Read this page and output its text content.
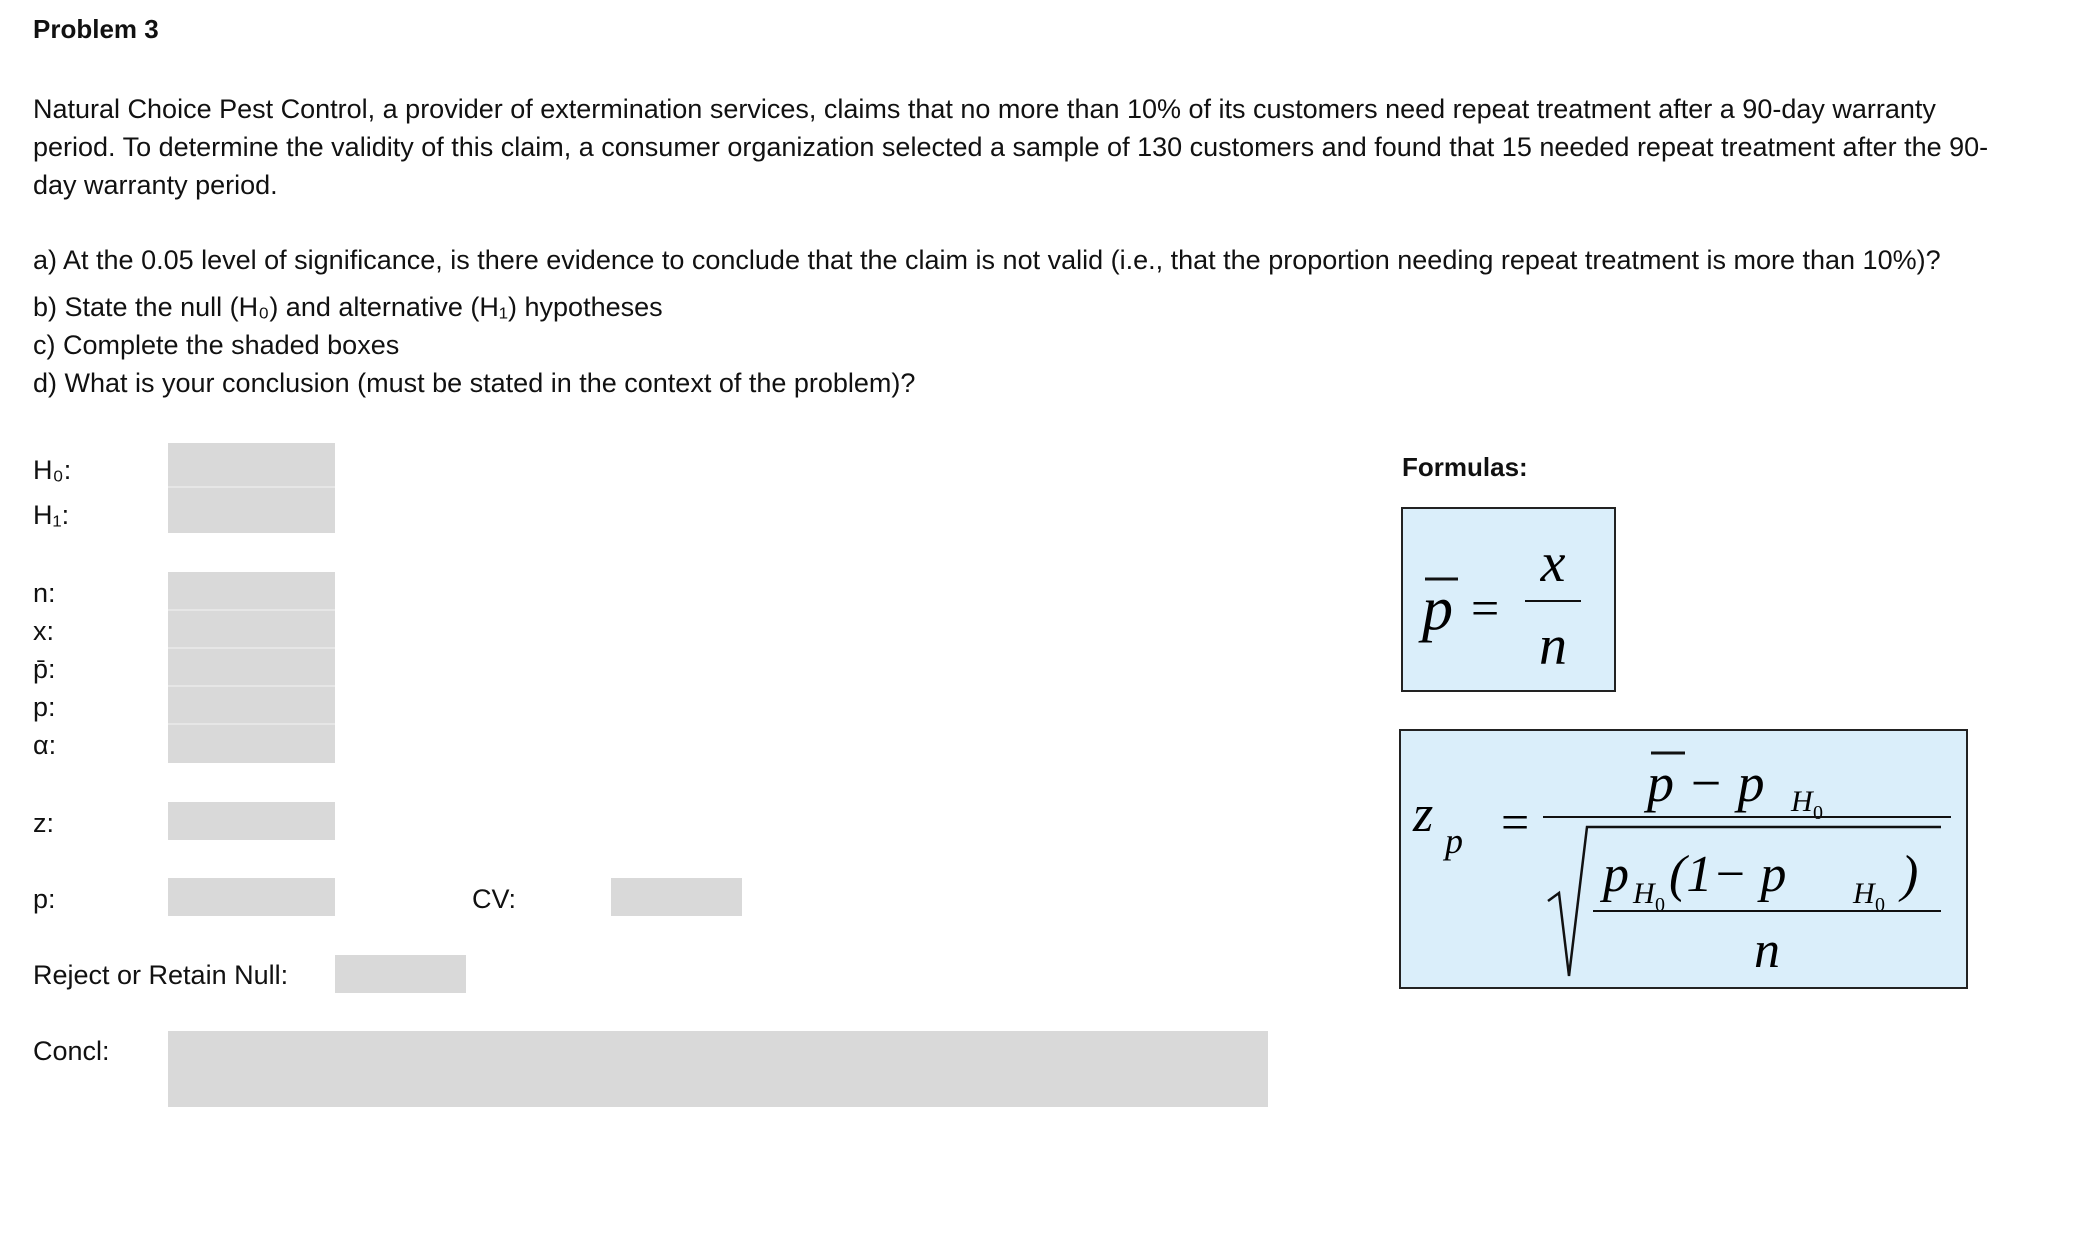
Problem 3
Natural Choice Pest Control, a provider of extermination services, claims that no more than 10% of its customers need repeat treatment after a 90-day warranty period. To determine the validity of this claim, a consumer organization selected a sample of 130 customers and found that 15 needed repeat treatment after the 90-day warranty period.
a) At the 0.05 level of significance, is there evidence to conclude that the claim is not valid (i.e., that the proportion needing repeat treatment is more than 10%)?
b) State the null (H₀) and alternative (H₁) hypotheses
c) Complete the shaded boxes
d) What is your conclusion (must be stated in the context of the problem)?
H₀:
H₁:
n:
x:
p̄:
p:
α:
z:
p:	CV:
Reject or Retain Null:
Concl:
Formulas:
p =
x
n
z p =
p − p H 0
p H 0
(1− p H 0
)
n
